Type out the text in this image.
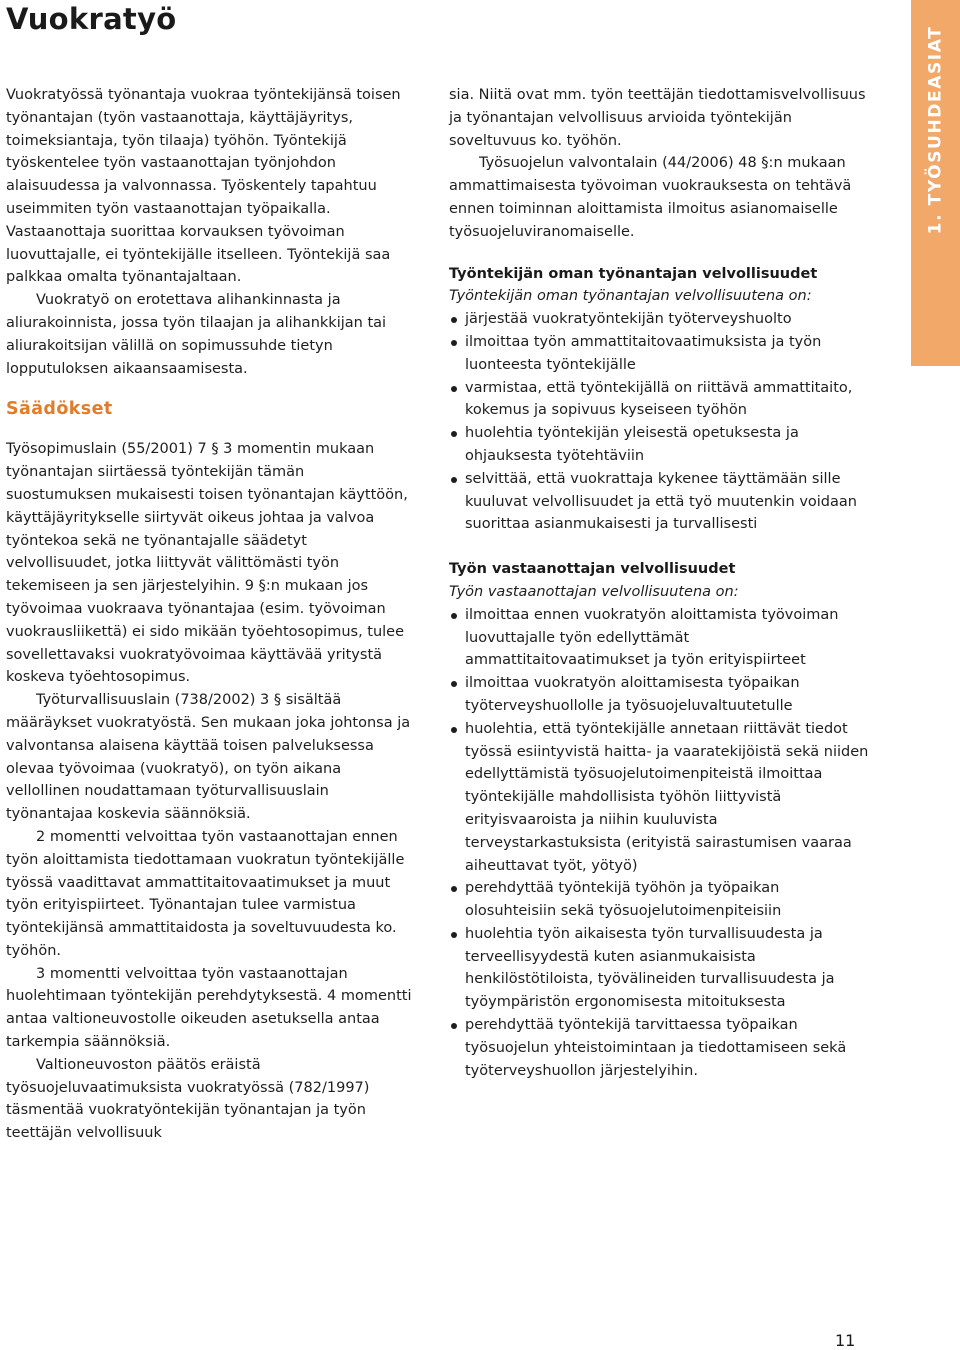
Vuokratyö
1. TYÖSUHDEASIAT

Vuokratyössä työnantaja vuokraa työntekijänsä toisen työnantajan (työn vastaanottaja, käyttäjäyritys, toimeksiantaja, työn tilaaja) työhön. Työntekijä työskentelee työn vastaanottajan työnjohdon alaisuudessa ja valvonnassa. Työskentely tapahtuu useimmiten työn vastaanottajan työpaikalla. Vastaanottaja suorittaa korvauksen työvoiman luovuttajalle, ei työntekijälle itselleen. Työntekijä saa palkkaa omalta työnantajaltaan.

Vuokratyö on erotettava alihankinnasta ja aliurakoinnista, jossa työn tilaajan ja alihankkijan tai aliurakoitsijan välillä on sopimussuhde tietyn lopputuloksen aikaansaamisesta.

Säädökset

Työsopimuslain (55/2001) 7 § 3 momentin mukaan työnantajan siirtäessä työntekijän tämän suostumuksen mukaisesti toisen työnantajan käyttöön, käyttäjäyritykselle siirtyvät oikeus johtaa ja valvoa työntekoa sekä ne työnantajalle säädetyt velvollisuudet, jotka liittyvät välittömästi työn tekemiseen ja sen järjestelyihin. 9 §:n mukaan jos työvoimaa vuokraava työnantajaa (esim. työvoiman vuokrausliikettä) ei sido mikään työehtosopimus, tulee sovellettavaksi vuokratyövoimaa käyttävää yritystä koskeva työehtosopimus.

Työturvallisuuslain (738/2002) 3 § sisältää määräykset vuokratyöstä. Sen mukaan joka johtonsa ja valvontansa alaisena käyttää toisen palveluksessa olevaa työvoimaa (vuokratyö), on työn aikana vellollinen noudattamaan työturvallisuuslain työnantajaa koskevia säännöksiä.

2 momentti velvoittaa työn vastaanottajan ennen työn aloittamista tiedottamaan vuokratun työntekijälle työssä vaadittavat ammattitaitovaatimukset ja muut työn erityispiirteet. Työnantajan tulee varmistua työntekijänsä ammattitaidosta ja soveltuvuudesta ko. työhön.

3 momentti velvoittaa työn vastaanottajan huolehtimaan työntekijän perehdytyksestä. 4 momentti antaa valtioneuvostolle oikeuden asetuksella antaa tarkempia säännöksiä.

Valtioneuvoston päätös eräistä työsuojeluvaatimuksista vuokratyössä (782/1997) täsmentää vuokratyöntekijän työnantajan ja työn teettäjän velvollisuuk

sia. Niitä ovat mm. työn teettäjän tiedottamisvelvollisuus ja työnantajan velvollisuus arvioida työntekijän soveltuvuus ko. työhön.

Työsuojelun valvontalain (44/2006) 48 §:n mukaan ammattimaisesta työvoiman vuokrauksesta on tehtävä ennen toiminnan aloittamista ilmoitus asianomaiselle työsuojeluviranomaiselle.

Työntekijän oman työnantajan velvollisuudet
Työntekijän oman työnantajan velvollisuutena on:
järjestää vuokratyöntekijän työterveyshuolto
ilmoittaa työn ammattitaitovaatimuksista ja työn luonteesta työntekijälle
varmistaa, että työntekijällä on riittävä ammattitaito, kokemus ja sopivuus kyseiseen työhön
huolehtia työntekijän yleisestä opetuksesta ja ohjauksesta työtehtäviin
selvittää, että vuokrattaja kykenee täyttämään sille kuuluvat velvollisuudet ja että työ muutenkin voidaan suorittaa asianmukaisesti ja turvallisesti
Työn vastaanottajan velvollisuudet
Työn vastaanottajan velvollisuutena on:
ilmoittaa ennen vuokratyön aloittamista työvoiman luovuttajalle työn edellyttämät ammattitaitovaatimukset ja työn erityispiirteet
ilmoittaa vuokratyön aloittamisesta työpaikan työterveyshuollolle ja työsuojeluvaltuutetulle
huolehtia, että työntekijälle annetaan riittävät tiedot työssä esiintyvistä haitta- ja vaaratekijöistä sekä niiden edellyttämistä työsuojelutoimenpiteistä ilmoittaa työntekijälle mahdollisista työhön liittyvistä erityisvaaroista ja niihin kuuluvista terveystarkastuksista (erityistä sairastumisen vaaraa aiheuttavat työt, yötyö)
perehdyttää työntekijä työhön ja työpaikan olosuhteisiin sekä työsuojelutoimenpiteisiin
huolehtia työn aikaisesta työn turvallisuudesta ja terveellisyydestä kuten asianmukaisista henkilöstötiloista, työvälineiden turvallisuudesta ja työympäristön ergonomisesta mitoituksesta
perehdyttää työntekijä tarvittaessa työpaikan työsuojelun yhteistoimintaan ja tiedottamiseen sekä työterveyshuollon järjestelyihin.
11
